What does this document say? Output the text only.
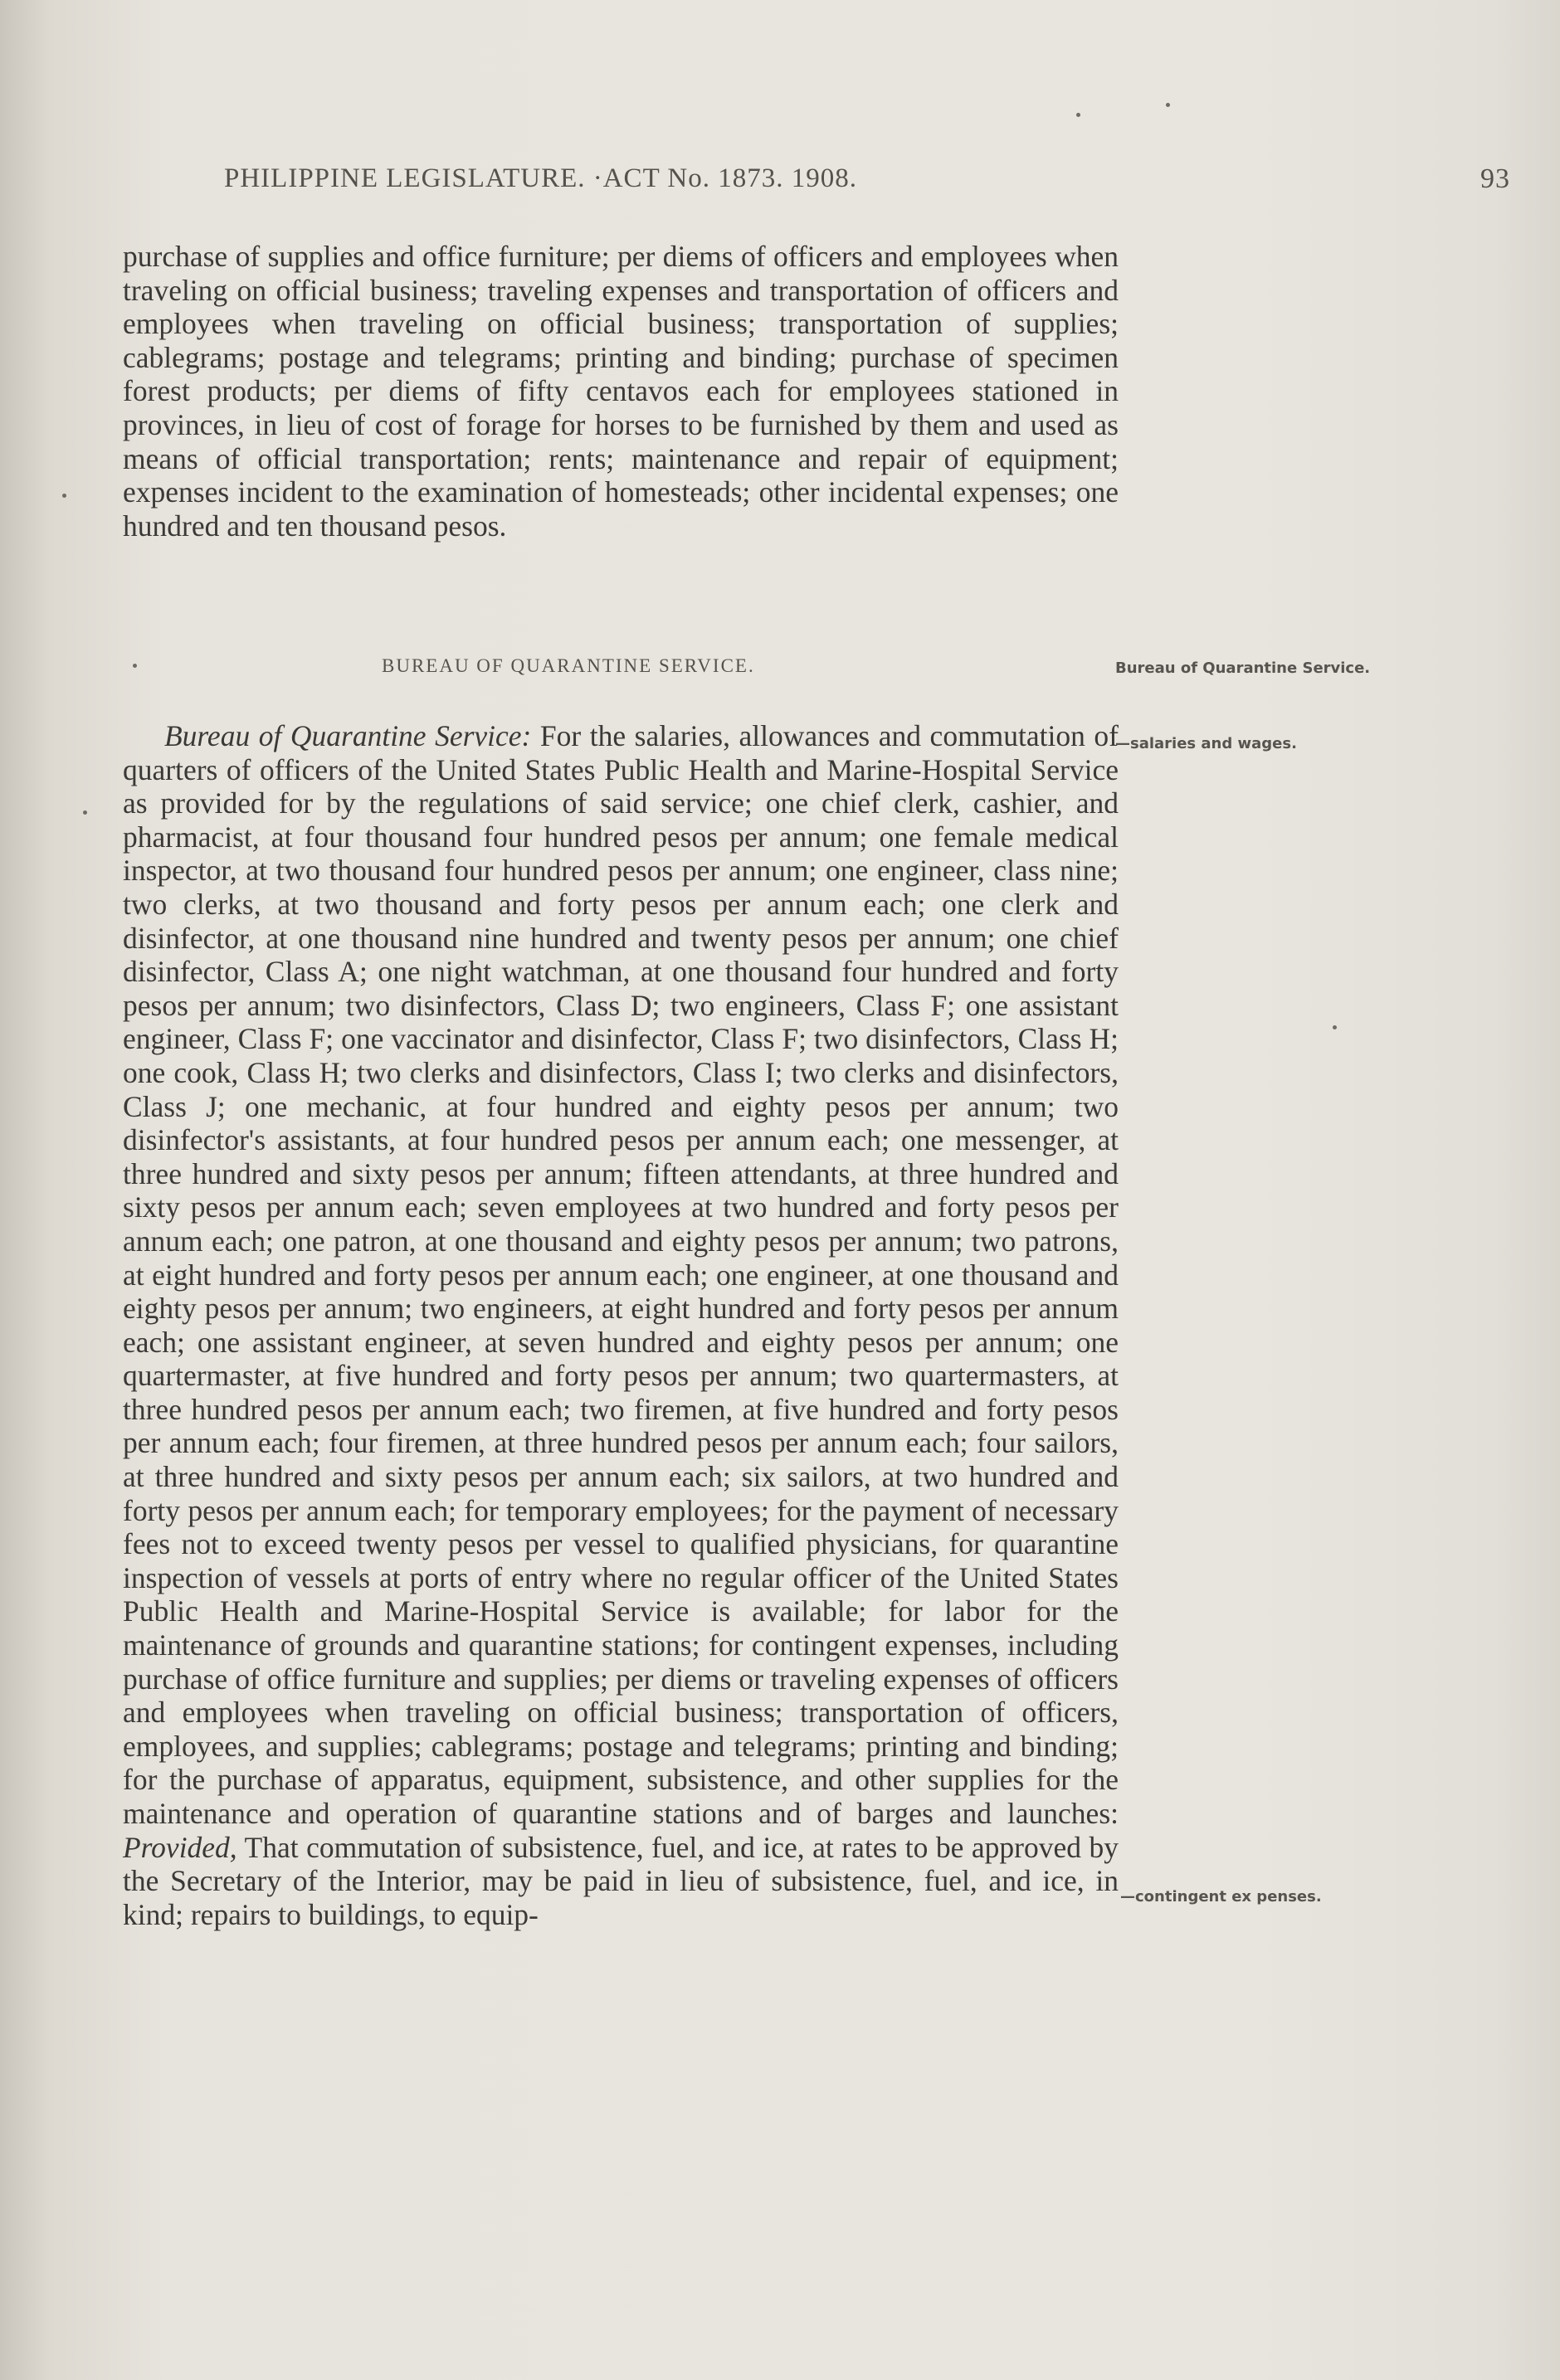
PHILIPPINE LEGISLATURE. ·ACT No. 1873. 1908.	93

purchase of supplies and office furniture; per diems of officers and employees when traveling on official business; traveling expenses and transportation of officers and employees when traveling on official business; transportation of supplies; cablegrams; postage and telegrams; printing and binding; purchase of specimen forest products; per diems of fifty centavos each for employees stationed in provinces, in lieu of cost of forage for horses to be furnished by them and used as means of official transportation; rents; maintenance and repair of equipment; expenses incident to the examination of homesteads; other incidental expenses; one hundred and ten thousand pesos.

BUREAU OF QUARANTINE SERVICE.	Bureau of Quarantine Service.
—salaries and wages.

Bureau of Quarantine Service: For the salaries, allowances and commutation of quarters of officers of the United States Public Health and Marine-Hospital Service as provided for by the regulations of said service; one chief clerk, cashier, and pharmacist, at four thousand four hundred pesos per annum; one female medical inspector, at two thousand four hundred pesos per annum; one engineer, class nine; two clerks, at two thousand and forty pesos per annum each; one clerk and disinfector, at one thousand nine hundred and twenty pesos per annum; one chief disinfector, Class A; one night watchman, at one thousand four hundred and forty pesos per annum; two disinfectors, Class D; two engineers, Class F; one assistant engineer, Class F; one vaccinator and disinfector, Class F; two disinfectors, Class H; one cook, Class H; two clerks and disinfectors, Class I; two clerks and disinfectors, Class J; one mechanic, at four hundred and eighty pesos per annum; two disinfector's assistants, at four hundred pesos per annum each; one messenger, at three hundred and sixty pesos per annum; fifteen attendants, at three hundred and sixty pesos per annum each; seven employees at two hundred and forty pesos per annum each; one patron, at one thousand and eighty pesos per annum; two patrons, at eight hundred and forty pesos per annum each; one engineer, at one thousand and eighty pesos per annum; two engineers, at eight hundred and forty pesos per annum each; one assistant engineer, at seven hundred and eighty pesos per annum; one quartermaster, at five hundred and forty pesos per annum; two quartermasters, at three hundred pesos per annum each; two firemen, at five hundred and forty pesos per annum each; four firemen, at three hundred pesos per annum each; four sailors, at three hundred and sixty pesos per annum each; six sailors, at two hundred and forty pesos per annum each; for temporary employees; for the payment of necessary fees not to exceed twenty pesos per vessel to qualified physicians, for quarantine inspection of vessels at ports of entry where no regular officer of the United States Public Health and Marine-Hospital Service is available; for labor for the maintenance of grounds and quarantine stations; for contingent expenses, including purchase of office furniture and supplies; per diems or traveling expenses of officers and employees when traveling on official business; transportation of officers, employees, and supplies; cablegrams; postage and telegrams; printing and binding; for the purchase of apparatus, equipment, subsistence, and other supplies for the maintenance and operation of quarantine stations and of barges and launches: Provided, That commutation of subsistence, fuel, and ice, at rates to be approved by the Secretary of the Interior, may be paid in lieu of subsistence, fuel, and ice, in kind; repairs to buildings, to equip-

—contingent ex penses.
